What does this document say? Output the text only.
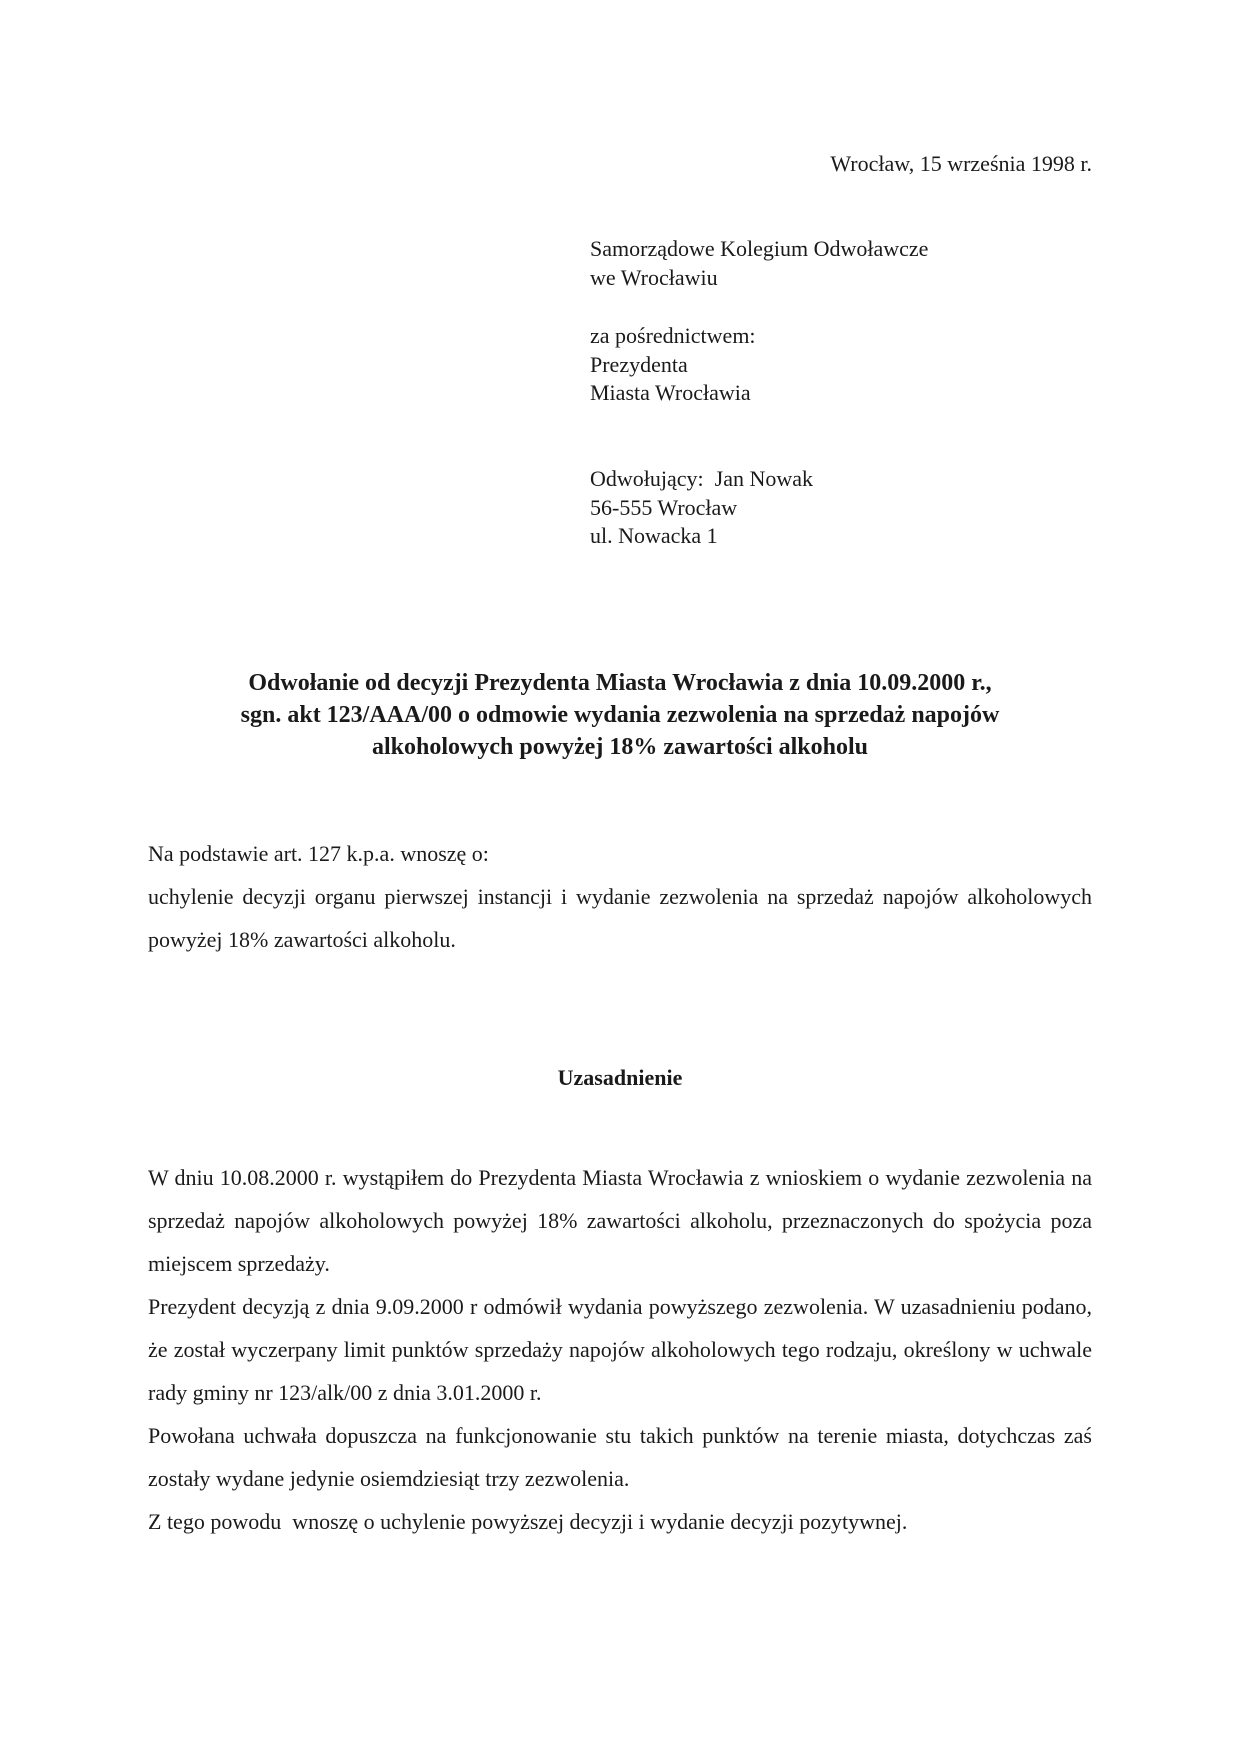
Wrocław, 15 września 1998 r.
Samorządowe Kolegium Odwoławcze
we Wrocławiu
za pośrednictwem:
Prezydenta
Miasta Wrocławia
Odwołujący:  Jan Nowak
56-555 Wrocław
ul. Nowacka 1
Odwołanie od decyzji Prezydenta Miasta Wrocławia z dnia 10.09.2000 r.,
sgn. akt 123/AAA/00 o odmowie wydania zezwolenia na sprzedaż napojów
alkoholowych powyżej 18% zawartości alkoholu

Na podstawie art. 127 k.p.a. wnoszę o:

uchylenie decyzji organu pierwszej instancji i wydanie zezwolenia na sprzedaż napojów alkoholowych powyżej 18% zawartości alkoholu.

Uzasadnienie

W dniu 10.08.2000 r. wystąpiłem do Prezydenta Miasta Wrocławia z wnioskiem o wydanie zezwolenia na sprzedaż napojów alkoholowych powyżej 18% zawartości alkoholu, przeznaczonych do spożycia poza miejscem sprzedaży.

Prezydent decyzją z dnia 9.09.2000 r odmówił wydania powyższego zezwolenia. W uzasadnieniu podano, że został wyczerpany limit punktów sprzedaży napojów alkoholowych tego rodzaju, określony w uchwale rady gminy nr 123/alk/00 z dnia 3.01.2000 r.

Powołana uchwała dopuszcza na funkcjonowanie stu takich punktów na terenie miasta, dotychczas zaś zostały wydane jedynie osiemdziesiąt trzy zezwolenia.

Z tego powodu  wnoszę o uchylenie powyższej decyzji i wydanie decyzji pozytywnej.
